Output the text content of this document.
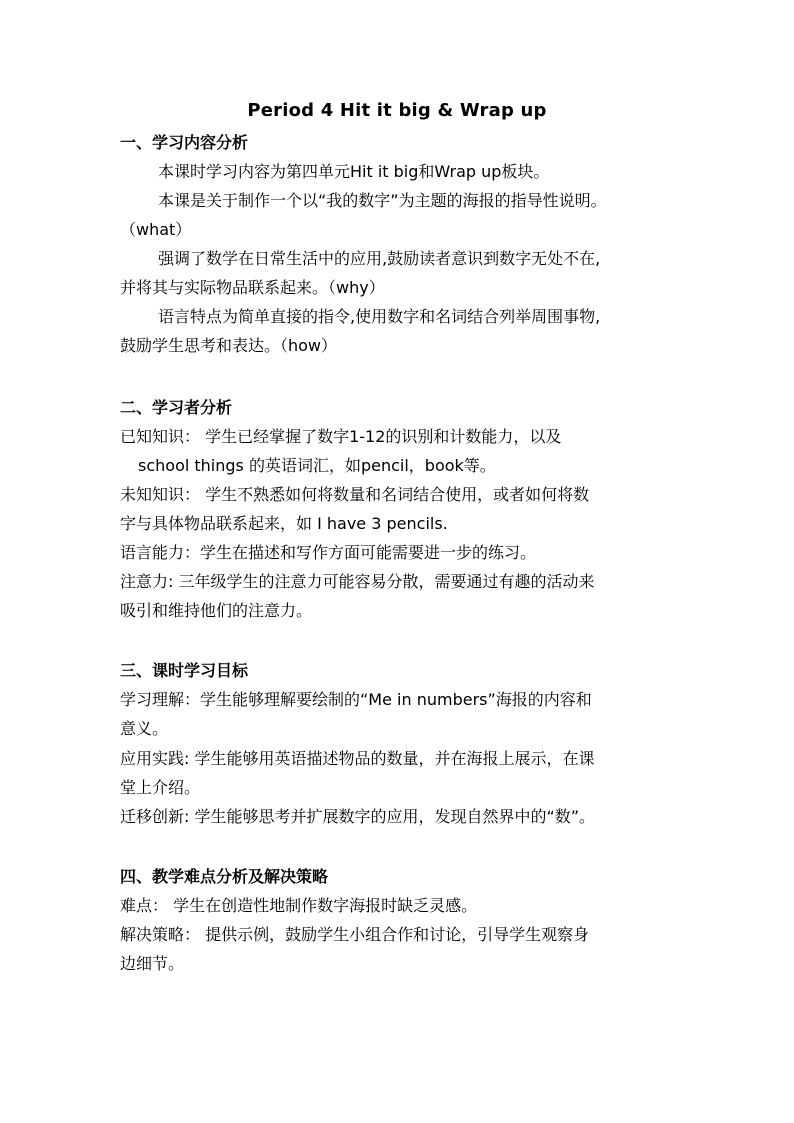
Period 4 Hit it big & Wrap up
一、学习内容分析
本课时学习内容为第四单元Hit it big和Wrap up板块。
本课是关于制作一个以“我的数字”为主题的海报的指导性说明。
（what）
强调了数学在日常生活中的应用,鼓励读者意识到数字无处不在,
并将其与实际物品联系起来。（why）
语言特点为简单直接的指令,使用数字和名词结合列举周围事物,
鼓励学生思考和表达。（how）
二、学习者分析
已知知识： 学生已经掌握了数字1-12的识别和计数能力，以及
school things 的英语词汇，如pencil，book等。
未知知识： 学生不熟悉如何将数量和名词结合使用，或者如何将数
字与具体物品联系起来，如 I have 3 pencils.
语言能力：学生在描述和写作方面可能需要进一步的练习。
注意力: 三年级学生的注意力可能容易分散，需要通过有趣的活动来
吸引和维持他们的注意力。
三、课时学习目标
学习理解：学生能够理解要绘制的“Me in numbers”海报的内容和
意义。
应用实践: 学生能够用英语描述物品的数量，并在海报上展示，在课
堂上介绍。
迁移创新: 学生能够思考并扩展数字的应用，发现自然界中的“数”。
四、教学难点分析及解决策略
难点： 学生在创造性地制作数字海报时缺乏灵感。
解决策略： 提供示例，鼓励学生小组合作和讨论，引导学生观察身
边细节。
